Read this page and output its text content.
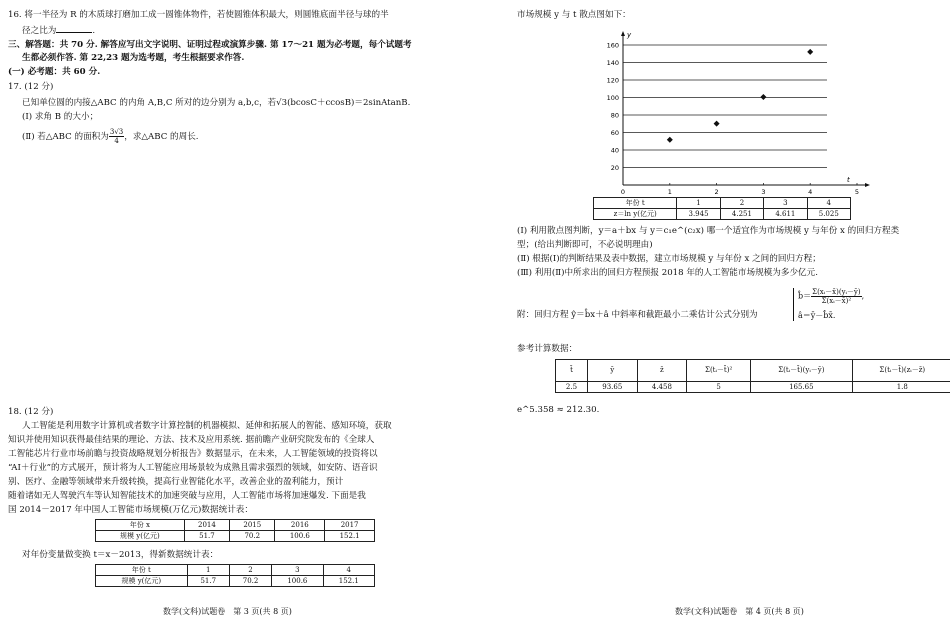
16. 将一半径为 R 的木质球打磨加工成一圆锥体物件，若使圆锥体积最大，则圆锥底面半径与球的半
径之比为	.
三、解答题：共 70 分. 解答应写出文字说明、证明过程或演算步骤. 第 17～21 题为必考题，每个试题考
生都必须作答. 第 22,23 题为选考题，考生根据要求作答.
(一) 必考题：共 60 分.
17. (12 分)
已知单位圆的内接△ABC 的内角 A,B,C 所对的边分别为 a,b,c，若√3(bcosC＋ccosB)＝2sinAtanB.
(Ⅰ) 求角 B 的大小；
(Ⅱ) 若△ABC 的面积为 $\frac{3√3}{4}$ ，求△ABC 的周长.
18. (12 分)
人工智能是利用数字计算机或者数字计算控制的机器模拟、延伸和拓展人的智能、感知环境，获取
知识并使用知识获得最佳结果的理论、方法、技术及应用系统. 据前瞻产业研究院发布的《全球人
工智能芯片行业市场前瞻与投资战略规划分析报告》数据显示，在未来，人工智能领域的投资将以
“AI＋行业”的方式展开，预计将为人工智能应用场景较为成熟且需求强烈的领域，如安防、语音识
别、医疗、金融等领域带来升级转换，提高行业智能化水平，改善企业的盈利能力，预计
随着诸如无人驾驶汽车等认知智能技术的加速突破与应用，人工智能市场将加速爆发. 下面是我
国 2014－2017 年中国人工智能市场规模(万亿元)数据统计表：
年份 x	2014	2015	2016	2017
规模 y(亿元)	51.7	70.2	100.6	152.1
对年份变量做变换 t＝x－2013，得新数据统计表：
年份 t	1	2	3	4
规模 y(亿元)	51.7	70.2	100.6	152.1
数学(文科)试题卷　第 3 页(共 8 页)
市场规模 y 与 t 散点图如下：
20
40
60
80
100
120
140
160
0	1	2	3	4	5
y
t
年份 t	1	2	3	4
z＝ln y(亿元)	3.945	4.251	4.611	5.025
(Ⅰ) 利用散点图判断，y＝a＋bx 与 y＝c₁e^(c₂x) 哪一个适宜作为市场规模 y 与年份 x 的回归方程类
型；(给出判断即可，不必说明理由)
(Ⅱ) 根据(Ⅰ)的判断结果及表中数据，建立市场规模 y 与年份 x 之间的回归方程；
(Ⅲ) 利用(Ⅱ)中所求出的回归方程预报 2018 年的人工智能市场规模为多少亿元.
附：回归方程 ŷ＝b̂x＋â 中斜率和截距最小二乘估计公式分别为
b̂＝ $\frac{\text{Σ(xᵢ－x̄)(yᵢ－ȳ)}}{\text{Σ(xᵢ－x̄)²}}$ ,
â＝ȳ－b̂x̄.
参考计算数据：
t̄	ȳ	z̄	Σ(tᵢ－t̄)²	Σ(tᵢ－t̄)(yᵢ－ȳ)	Σ(tᵢ－t̄)(zᵢ－z̄)
2.5	93.65	4.458	5	165.65	1.8
e^5.358 ≈ 212.30.
数学(文科)试题卷　第 4 页(共 8 页)
